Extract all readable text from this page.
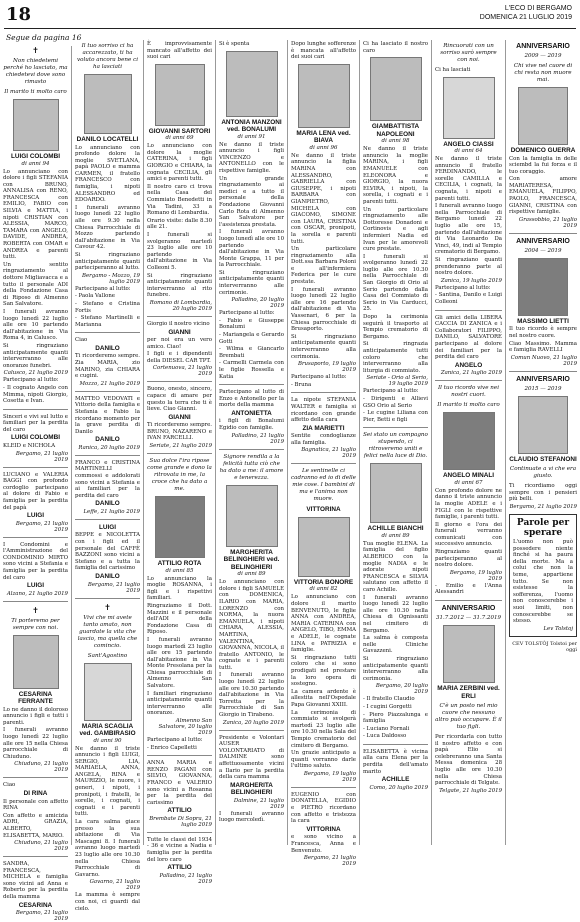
18	L'ECO DI BERGAMO
DOMENICA 21 LUGLIO 2019
Segue da pagina 16
✝
Non chiedetemi perché ho lasciato, ma chiedetevi dove sono rimasto
Il marito ti molto caro
LUIGI COLOMBI
di anni 94
Lo annunciano con dolore i figli STEFANIA con BRUNO, ANNALISA con RENO, FRANCESCA con EMILIO, FABIO con SILVIA e MATTIA, i nipoti CRISTIAN con ALESSIA, MARCO, TAMARA con ANGELO, DAVIDE, ANDREA, ROBERTA con OMAR e ANDREA e parenti tutti.
Un sentito ringraziamento al dottore Migliavacca e a tutto il personale ADI della Fondazione Casa di Riposo di Almenno San Salvatore.
I funerali avranno luogo lunedì 22 luglio alle ore 10 partendo dall'abitazione in Via Roma 4, in Calusco.
Si ringraziano anticipatamente quanti interverranno alle onoranze funebri.
Calusco, 21 luglio 2019
Partecipano al lutto:
- Il cognato Angelo con Mimma, nipoti Giorgio, Cosetta e Ivan.
Sinceri e vivi sul lutto e familiari per la perdita del caro
LUIGI COLOMBI
KLEID e NICHOLA
Bergamo, 21 luglio 2019
LUCIANO e VALERIA BAGGI con profondo cordoglio partecipano al dolore di Fabio e famiglia per la perdita del papà
LUIGI
Bergamo, 21 luglio 2019
I Condomini e l'Amministrazione del CONDOMINIO MIRTO sono vicini a Stefania e famiglia per la perdita del caro
LUIGI
Alzano, 21 luglio 2019
✝
Ti porteremo per sempre con noi.
CESARINA FERRANTE
Lo ne danno il doloroso annuncio i figli e tutti i parenti.
I funerali avranno luogo lunedì 22 luglio alle ore 15 nella Chiesa parrocchiale di Chiuduno.
Chiuduno, 21 luglio 2019
Ciao
DI RINA
Il personale con affetto RINA
Con affetto e amicizia ADRI, GRAZIA, ALBERTO, ELISABETTA, MARIO.
Chiuduno, 21 luglio 2019
SANDRA, FRANCESCA, MICHELA e famiglia sono vicini ad Anna e Roberto per la perdita della mamma
CESARINA
Bergamo, 21 luglio 2019
Il tuo sorriso ci ha accarezzato, ti ha voluto ancora bene ci ha lasciati
DANILO LOCATELLI
Lo annunciano con profondo dolore la moglie SVETLANA, papà PAOLO e mamma CARMEN, il fratello FRANCESCO con famiglia, i nipoti ALESSANDRO ed EDOARDO.
I funerali avranno luogo lunedì 22 luglio alle ore 9.30 nella Chiesa Parrocchiale di Mozzo partendo dall'abitazione in Via Cavour 42.
Si ringraziano anticipatamente quanti parteciperanno al lutto.
Bergamo - Mozzo, 19 luglio 2019
Partecipano al lutto:
- Paola Vallone
- Stefano e Cristina Fortis
- Stefano Martinelli e Marianna
Ciao
DANILO
Ti ricorderemo sempre. Zia MARIA, zio MARINO, zia CHIARA e cugini.
Mozzo, 21 luglio 2019
MATTEO VEDOVATI e Vittorio della famiglia e Stefania e Fabio la ricordano momento per la grave perdita di Danilo
DANILO
Ranica, 20 luglio 2019
FRANCO e CRISTINA MARTINELLI commossi e addolorati sono vicini a Stefania e ai familiari per la perdita del caro
DANILO
Leffe, 21 luglio 2019
LUIGI
BEPPE e NICOLETTA con i figli ed il personale del CAFFÈ BAZZONI sono vicini a Stefano e a tutta la famiglia del carissimo
DANILO
Bergamo, 21 luglio 2019
✝
Vivi che mi avete tanto amato, non guardate la vita che lascio, ma quella che comincio.
Sant'Agostino
MARIA SCAGLIA ved. GAMBIRASIO
di anni 90
Ne danno il triste annuncio i figli LUIGI, SERGIO, LIA, MARIAELA, ANNA, ANGELA, RINA e MAURIZIO, le nuore, i generi, i nipoti, i pronipoti, i fratelli, le sorelle, i cognati, i cognati e i parenti tutti.
La cara salma giace presso la sua abitazione di Via Mascagni 8. I funerali avranno luogo martedì 23 luglio alle ore 10.30 nella Chiesa Parrocchiale di Gavarno.
Gavarno, 21 luglio 2019
La mamma è sempre con noi, ci guardi dal cielo.
È improvvisamente mancato all'affetto dei suoi cari
GIOVANNI SARTORI
di anni 69
Lo annunciano con dolore la moglie CATERINA, i figli GIORGIO e CHIARA, la cognata CECILIA, gli amici e parenti tutti.
Il nostro caro ci trova nella Casa del Commiato Benedetti in Via Tadini, 33 a Romano di Lombardia.
Orario visite: dalle 8.30 alle 21.
I funerali si svolgeranno martedì 23 luglio alle ore 10 partendo dall'abitazione in Via Colleoni 5.
Si ringraziano anticipatamente quanti interverranno al rito funebre.
Romano di Lombardia, 20 luglio 2019
Giorgio il nostro vicino
GIANNI
per noi era un vero amico. Ciao!
I figli e i dipendenti della DIESEL CAR TPT.
Cortenuova, 21 luglio 2019
Buono, onesto, sincero, capace di amare per questo la terra che ti è lieve. Ciao Gianni.
GIANNI
Ti ricorderemo sempre. BRUNO, NAZARENO e IVAN FARCELLI.
Seriate, 21 luglio 2019
Sua dolce l'ira ripose come grande e dono la ritrovata in me, la croce che ha dato a me.
ATTILIO ROTA
di anni 85
Lo annunciano la moglie ROSANNA, i figli e i rispettivi familiari.
Ringraziamo il Dott. Mazzini e il personale dell'ADI della Fondazione Casa di Riposo.
I funerali avranno luogo martedì 23 luglio alle ore 15 partendo dall'abitazione in Via Monte Presolana per la Chiesa parrocchiale di Almenno San Salvatore.
I familiari ringraziano anticipatamente quanti interverranno alle onoranze.
Almenno San Salvatore, 20 luglio 2019
Partecipano al lutto:
- Enrico Capelletti
ANNA MARIA e RENZO PAGANI con SILVIO, GIOVANNA, FRANCO e VALERIO sono vicini a Rosanna per la perdita del carissimo
ATTILIO
Brembate Di Sopra, 21 luglio 2019
Tutte le classi del 1934 - 36 e vicine a Nadia e famiglia per la perdita del loro caro
ATTILIO
Palladino, 21 luglio 2019
Si è spenta
ANTONIA MANZONI ved. BONALUMI
di anni 91
Ne danno il triste annuncio i figli VINCENZO e ANTONELLO con le rispettive famiglie.
Un grande ringraziamento ai medici e a tutto il personale della Fondazione Giovanni Carlo Rota di Almenno San Salvatore per l'assistenza prestata.
I funerali avranno luogo lunedì alle ore 10 partendo dall'abitazione in Via Monte Grappa, 11 per la Parrocchiale.
Si ringraziano anticipatamente quanti interverranno alle cerimonie.
Palladino, 20 luglio 2019
Partecipano al lutto:
- Fabio e Giuseppe Bonalumi
- Mariangela e Gerardo Gotti
- Wilma e Giancarlo Brembati
- Carmelli Carmela con le figlie Rossella e Katia
Partecipano al lutto di Enzo e Antonello per la morte della mamma
ANTONIETTA
i figli di Bonalumi Egidio con famiglie.
Palladino, 21 luglio 2019
Signore rendila a la felicità tutta ciò che ha dato a me: il amore e tenerezza.
MARGHERITA BELINGHIERI ved. BELINGHIERI
di anni 89
Lo annunciano con dolore i figli SAMUELE con DOMENICA, ILARIO con MARIA, LORENZO con NORMA, la nuora EMANUELA, i nipoti CHIARA, ALESSIA, MARTINA, VALENTINA, GIOVANNA, NICOLA, il fratello ANTONIO, le cognate e i parenti tutti.
I funerali avranno luogo lunedì 22 luglio alle ore 10.30 partendo dall'abitazione in Via Torretta per la Parrocchiale di San Giorgio in Tirabeno.
Zanica, 20 luglio 2019
Presidente e Volontari AUSER VOLONTARIATO di DALMINE sono affettuosamente vicini a Ilario per la perdita della cara mamma
MARGHERITA BELINGHIERI
Dalmine, 21 luglio 2019
I funerali avranno luogo mercoledì.
Dopo lunghe sofferenze è mancata all'affetto dei suoi cari
MARIA LENA ved. BIAVA
di anni 96
Ne danno il triste annuncio la figlia MARINA con ALESSANDRO, GABRIELLA con GIUSEPPE, i nipoti BARBARA con GIANPIETRO, MICHELA con GIACOMO, SIMONE con LAURA, CRISTINA con OSCAR, pronipoti, la sorella e parenti tutti.
Un particolare ringraziamento alla Dott.ssa Barbara Poloni e all'infermiera Federica per le cure prestate.
I funerali avranno luogo lunedì 22 luglio alle ore 16 partendo dall'abitazione di Via Vassenari, 6 per la Chiesa parrocchiale di Brusaporto.
Si ringraziano anticipatamente quanti interverranno alla cerimonia.
Brusaporto, 19 luglio 2019
Partecipano al lutto:
- Bruna
La nipote STEFANIA WALTER e famiglia si ricordano con grande affetto della cara
ZIA MARIETTI
Sentite condoglianze alla famiglia.
Bagnatica, 21 luglio 2019
Le sentinelle ci cadranno ed io di delle mie cose. I bambini di ma e l'anima non muore.
VITTORINA
VITTORIA BONORE
di anni 82
Lo annunciano con dolore il marito BENVENUTO, le figlie ANNA con ANDREA, MARIA CATERINA con ANGELO, TIBO, EMMA e ADELE, le cognate LINA e PATRIZIA e famiglie.
Si ringraziano tutti coloro che si sono prodigati nel prestare la loro opera di sostegno.
La camera ardente è allestita nell'Ospedale Papa Giovanni XXIII.
La cerimonia di commiato si svolgerà martedì 23 luglio alle ore 10.30 nella Sala del Tempio crematorio del cimitero di Bergamo.
Un grazie anticipato a quanti vorranno darle l'ultimo saluto.
Bergamo, 19 luglio 2019
EUGENIO con DONATELLA, EGIDIO e PIETRO ricordano con affetto e tristezza la cara
VITTORINA
e sono vicino a Francesca, Anna e Benvenuto.
Bergamo, 21 luglio 2019
Ci ha lasciato il nostro caro
GIAMBATTISTA NAPOLEONI
di anni 98
Ne danno il triste annuncio la moglie MARINA, i figli EMANUELE con ELEONORA e GIORGIO, la nuora ELVIRA, i nipoti, la sorella, i cognati e i parenti tutti.
Un particolare ringraziamento alle Dottoresse Donadoni e Cortinovis e agli infermieri Nadia ed Ivan per le amorevoli cure prestate.
I funerali si svolgeranno lunedì 22 luglio alle ore 10.30 nella Parrocchiale di San Giorgio di Orio al Serio partendo dalla Casa del Commiato di Serio in Via Carducci, 25.
Dopo la cerimonia seguirà il trasporto al Tempio crematorio di Bergamo.
Si ringrazia anticipatamente tutti coloro che interverranno alla liturgia di commiato.
Seriate - Orio al Serio, 19 luglio 2019
Partecipano al lutto:
- Dirigenti e Allievi GSO Orio al Serio
- Le cugine Liliana con Pier, Betti e figli
Sei stato un compagno stupendo, ci ritroveremo uniti e felici nella luce di Dio.
ACHILLE BIANCHI
di anni 89
Tua moglie ELENA. La famiglia del figlio ALBERICO con la moglie NADIA e le adorate nipoti FRANCESCA e SILVIA salutano con affetto il caro Achille.
I funerali avranno luogo lunedì 22 luglio alle ore 10.30 nella Chiesa di Ognissanti nel cimitero di Bergamo.
La salma è composta nelle Cliniche Gavazzeni.
Si ringraziano anticipatamente quanti interverranno alla cerimonia.
Bergamo, 20 luglio 2019
- Il fratello Claudio
- I cugini Gorgetti
- Piero Piazzalunga e famiglia
- Luciano Fornali
- Luca Daldosso
ELISABETTA è vicina alla cara Elena per la perdita dell'amato marito
ACHILLE
Como, 20 luglio 2019
Rincuorati con un sorriso sarò sempre con noi.
Ci ha lasciati
ANGELO CIASSI
di anni 64
Ne danno il triste annuncio il fratello FERDINANDO, le sorelle CAMILLA e CECILIA, i cognati, la cognata, i nipoti e parenti tutti.
I funerali avranno luogo nella Parrocchiale di Bergamo lunedì 22 luglio alle ore 15, partendo dall'abitazione di Via Leonardo Da Vinci, 49, indi al Tempio crematorio di Bergamo.
Si ringraziano quanti prenderanno parte al nostro dolore.
Zanica, 19 luglio 2019
Partecipano al lutto:
- Santina, Danilo e Luigi Colleoni
Gli amici della LIBERA CACCIA DI ZANICA e i Collaboratori FILIPPO, DANILO, SALVATORE partecipano al dolore dei familiari per la perdita del caro
ANGELO
Zanica, 21 luglio 2019
Il tuo ricordo vive nei nostri cuori.
Il marito ti molto caro
ANGELO MINALI
di anni 67
Con profondo dolore ne danno il triste annuncio la moglie ADELE e i FIGLI con le rispettive famiglie, i parenti tutti.
Il giorno e l'ora dei funerali verranno comunicati con successivo annuncio.
Ringraziamo quanti parteciperanno al nostro dolore.
Bergamo, 19 luglio 2019
- Emilio e l'Anna Alessandri
ANNIVERSARIO
31.7.2012 — 31.7.2019
MARIA ZERBINI ved. ERLI
C'è un posto nel mio cuore che nessuno altro può occupare. È il tuo figli.
Per ricordarla con tutto il nostro affetto e con papà Elio si celebreranno una Santa Messa domenica 28 luglio alle ore 10.30 nella Chiesa parrocchiale di Telgate.
Telgate, 21 luglio 2019
ANNIVERSARIO
2009 — 2019
Chi vive nel cuore di chi resta non muore mai.
DOMENICO GUERRA
Con la famiglia in delle sciembd la fui forza e il tuo coraggio.
Con amore MARIATERESA, EMANUELA, FILIPPO, PAOLO, FRANCESCA, GIANNI, CRISTINA con rispettive famiglie.
Grassobbio, 21 luglio 2019
ANNIVERSARIO
2004 — 2019
MASSIMO LIETTI
Il tuo ricordo è sempre nel nostro cuore.
Ciao Massimo. Mamma e famiglia RAVELLI
Comun Nuovo, 21 luglio 2019
ANNIVERSARIO
2015 — 2019
CLAUDIO STEFANONI
Continuate a vi che era giusto.
Ti ricordiamo oggi sempre con i pensieri più belli.
Bergamo, 21 luglio 2019
Parole per sperare
L'uomo non può possedere niente finché si ha paura della morte. Ma a colui che non la teme, appartiene tutto. Se non esistesse la sofferenza, l'uomo non conoscerebbe i suoi limiti, non conoscerebbe se stesso.
Lev Tolstoj
CEV TOLSTÒJ Tolstoi per oggi
